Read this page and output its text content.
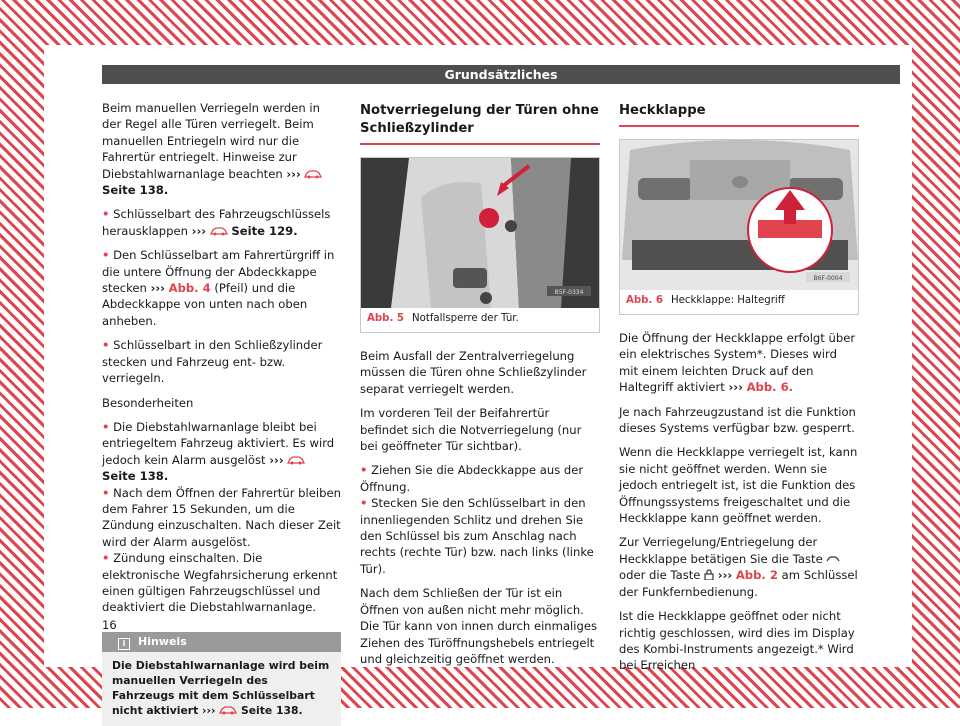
Grundsätzliches

Beim manuellen Verriegeln werden in der Regel alle Türen verriegelt. Beim manuellen Entriegeln wird nur die Fahrertür entriegelt. Hinweise zur Diebstahlwarnanlage beachten ›››  Seite 138.

• Schlüsselbart des Fahrzeugschlüssels herausklappen ››› Seite 129.

• Den Schlüsselbart am Fahrertürgriff in die untere Öffnung der Abdeckkappe stecken ››› Abb. 4 (Pfeil) und die Abdeckkappe von unten nach oben anheben.

• Schlüsselbart in den Schließzylinder stecken und Fahrzeug ent- bzw. verriegeln.

Besonderheiten

• Die Diebstahlwarnanlage bleibt bei entriegeltem Fahrzeug aktiviert. Es wird jedoch kein Alarm ausgelöst ›››  Seite 138.

• Nach dem Öffnen der Fahrertür bleiben dem Fahrer 15 Sekunden, um die Zündung einzuschalten. Nach dieser Zeit wird der Alarm ausgelöst.

• Zündung einschalten. Die elektronische Wegfahrsicherung erkennt einen gültigen Fahrzeugschlüssel und deaktiviert die Diebstahlwarnanlage.

i Hinweis
Die Diebstahlwarnanlage wird beim manuellen Verriegeln des Fahrzeugs mit dem Schlüsselbart nicht aktiviert ››› Seite 138.
Notverriegelung der Türen ohne Schließzylinder
B5F-0334
Abb. 5 Notfallsperre der Tür.

Beim Ausfall der Zentralverriegelung müssen die Türen ohne Schließzylinder separat verriegelt werden.

Im vorderen Teil der Beifahrertür befindet sich die Notverriegelung (nur bei geöffneter Tür sichtbar).

• Ziehen Sie die Abdeckkappe aus der Öffnung.

• Stecken Sie den Schlüsselbart in den innenliegenden Schlitz und drehen Sie den Schlüssel bis zum Anschlag nach rechts (rechte Tür) bzw. nach links (linke Tür).

Nach dem Schließen der Tür ist ein Öffnen von außen nicht mehr möglich. Die Tür kann von innen durch einmaliges Ziehen des Türöffnungshebels entriegelt und gleichzeitig geöffnet werden.

Heckklappe
B6F-0004
Abb. 6 Heckklappe: Haltegriff

Die Öffnung der Heckklappe erfolgt über ein elektrisches System*. Dieses wird mit einem leichten Druck auf den Haltegriff aktiviert ››› Abb. 6.

Je nach Fahrzeugzustand ist die Funktion dieses Systems verfügbar bzw. gesperrt.

Wenn die Heckklappe verriegelt ist, kann sie nicht geöffnet werden. Wenn sie jedoch entriegelt ist, ist die Funktion des Öffnungssystems freigeschaltet und die Heckklappe kann geöffnet werden.

Zur Verriegelung/Entriegelung der Heckklappe betätigen Sie die Taste  oder die Taste ››› Abb. 2 am Schlüssel der Funkfernbedienung.

Ist die Heckklappe geöffnet oder nicht richtig geschlossen, wird dies im Display des Kombi-Instruments angezeigt.* Wird bei Erreichen

16
